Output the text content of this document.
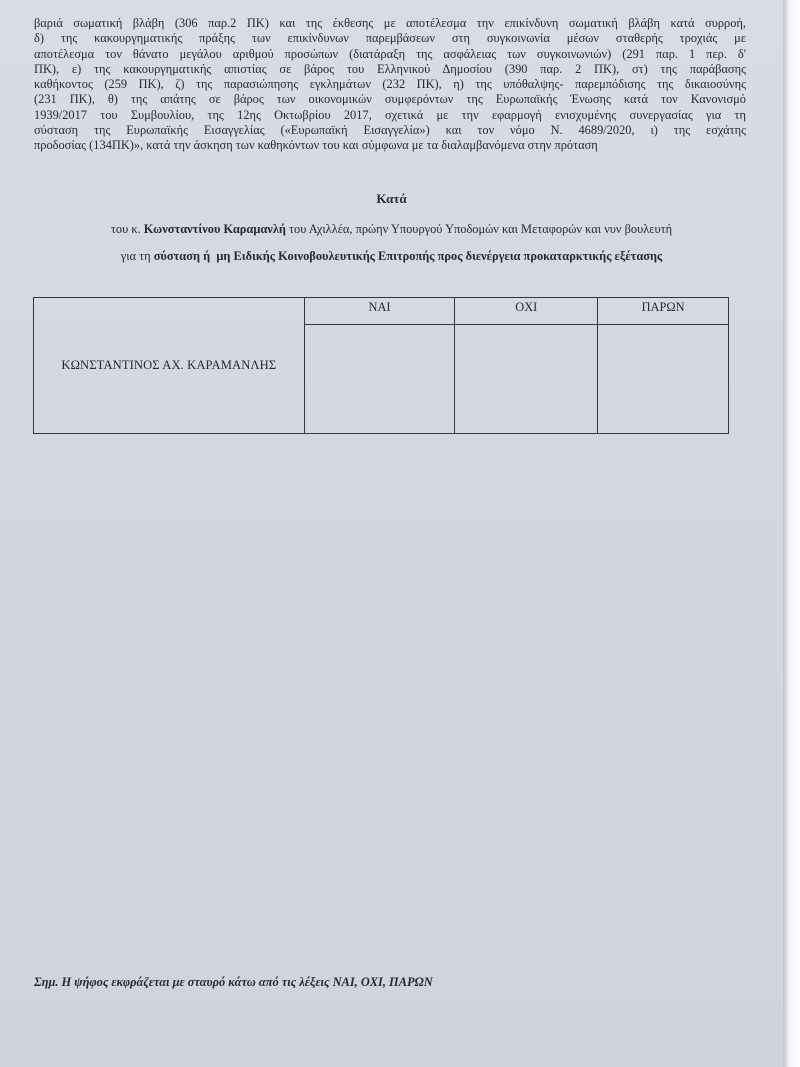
βαριά σωματική βλάβη (306 παρ.2 ΠΚ) και της έκθεσης με αποτέλεσμα την επικίνδυνη σωματική βλάβη κατά συρροή,
δ) της κακουργηματικής πράξης των επικίνδυνων παρεμβάσεων στη συγκοινωνία μέσων σταθερής τροχιάς με
αποτέλεσμα τον θάνατο μεγάλου αριθμού προσώπων (διατάραξη της ασφάλειας των συγκοινωνιών) (291 παρ. 1 περ. δ'
ΠΚ), ε) της κακουργηματικής απιστίας σε βάρος του Ελληνικού Δημοσίου (390 παρ. 2 ΠΚ), στ) της παράβασης
καθήκοντος (259 ΠΚ), ζ) της παρασιώπησης εγκλημάτων (232 ΠΚ), η) της υπόθαλψης- παρεμπόδισης της δικαιοσύνης
(231 ΠΚ), θ) της απάτης σε βάρος των οικονομικών συμφερόντων της Ευρωπαϊκής Ένωσης κατά τον Κανονισμό
1939/2017 του Συμβουλίου, της 12ης Οκτωβρίου 2017, σχετικά με την εφαρμογή ενισχυμένης συνεργασίας για τη
σύσταση της Ευρωπαϊκής Εισαγγελίας («Ευρωπαϊκή Εισαγγελία») και τον νόμο Ν. 4689/2020, ι) της εσχάτης
προδοσίας (134ΠΚ)», κατά την άσκηση των καθηκόντων του και σύμφωνα με τα διαλαμβανόμενα στην πρόταση
Κατά
του κ. Κωνσταντίνου Καραμανλή του Αχιλλέα, πρώην Υπουργού Υποδομών και Μεταφορών και νυν βουλευτή
για τη σύσταση ή μη Ειδικής Κοινοβουλευτικής Επιτροπής προς διενέργεια προκαταρκτικής εξέτασης
ΚΩΝΣΤΑΝΤΙΝΟΣ ΑΧ. ΚΑΡΑΜΑΝΛΗΣ	ΝΑΙ	ΟΧΙ	ΠΑΡΩΝ

Σημ. Η ψήφος εκφράζεται με σταυρό κάτω από τις λέξεις ΝΑΙ, ΟΧΙ, ΠΑΡΩΝ
